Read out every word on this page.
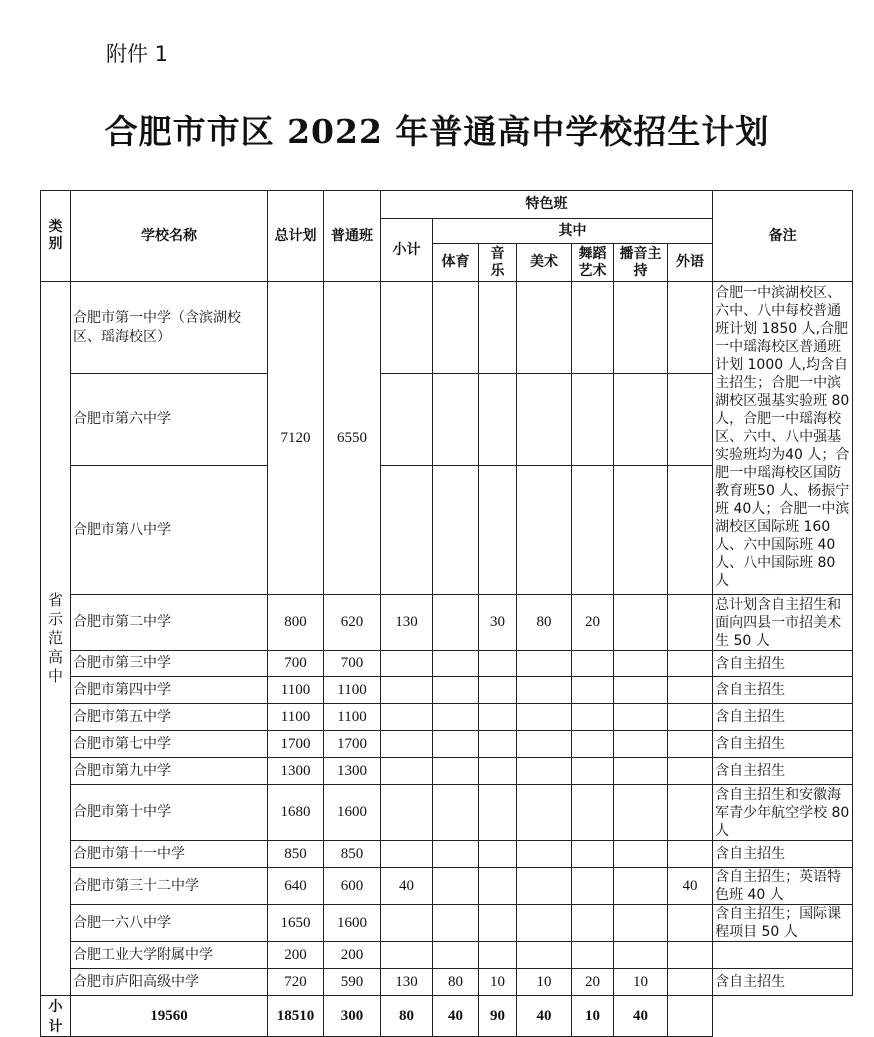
附件 1
合肥市市区 2022 年普通高中学校招生计划
类别	学校名称	总计划	普通班	特色班							备注
				小计	其中						
					体育	音乐	美术	舞蹈艺术	播音主持	外语	
省示范高中	合肥市第一中学（含滨湖校区、瑶海校区）	7120	6550								合肥一中滨湖校区、六中、八中每校普通班计划 1850 人,合肥一中瑶海校区普通班计划 1000 人,均含自主招生；合肥一中滨湖校区强基实验班 80 人，合肥一中瑶海校区、六中、八中强基实验班均为40 人；合肥一中瑶海校区国防教育班50 人、杨振宁班 40人；合肥一中滨湖校区国际班 160 人、六中国际班 40 人、八中国际班 80 人
	合肥市第六中学										
	合肥市第八中学										
	合肥市第二中学	800	620	130		30	80	20			总计划含自主招生和面向四县一市招美术生 50 人
	合肥市第三中学	700	700								含自主招生
	合肥市第四中学	1100	1100								含自主招生
	合肥市第五中学	1100	1100								含自主招生
	合肥市第七中学	1700	1700								含自主招生
	合肥市第九中学	1300	1300								含自主招生
	合肥市第十中学	1680	1600								含自主招生和安徽海军青少年航空学校 80 人
	合肥市第十一中学	850	850								含自主招生
	合肥市第三十二中学	640	600	40						40	含自主招生；英语特色班 40 人
	合肥一六八中学	1650	1600								含自主招生；国际课程项目 50 人
	合肥工业大学附属中学	200	200								
	合肥市庐阳高级中学	720	590	130	80	10	10	20	10		含自主招生
小计	19560	18510	300	80	40	90	40	10	40		
